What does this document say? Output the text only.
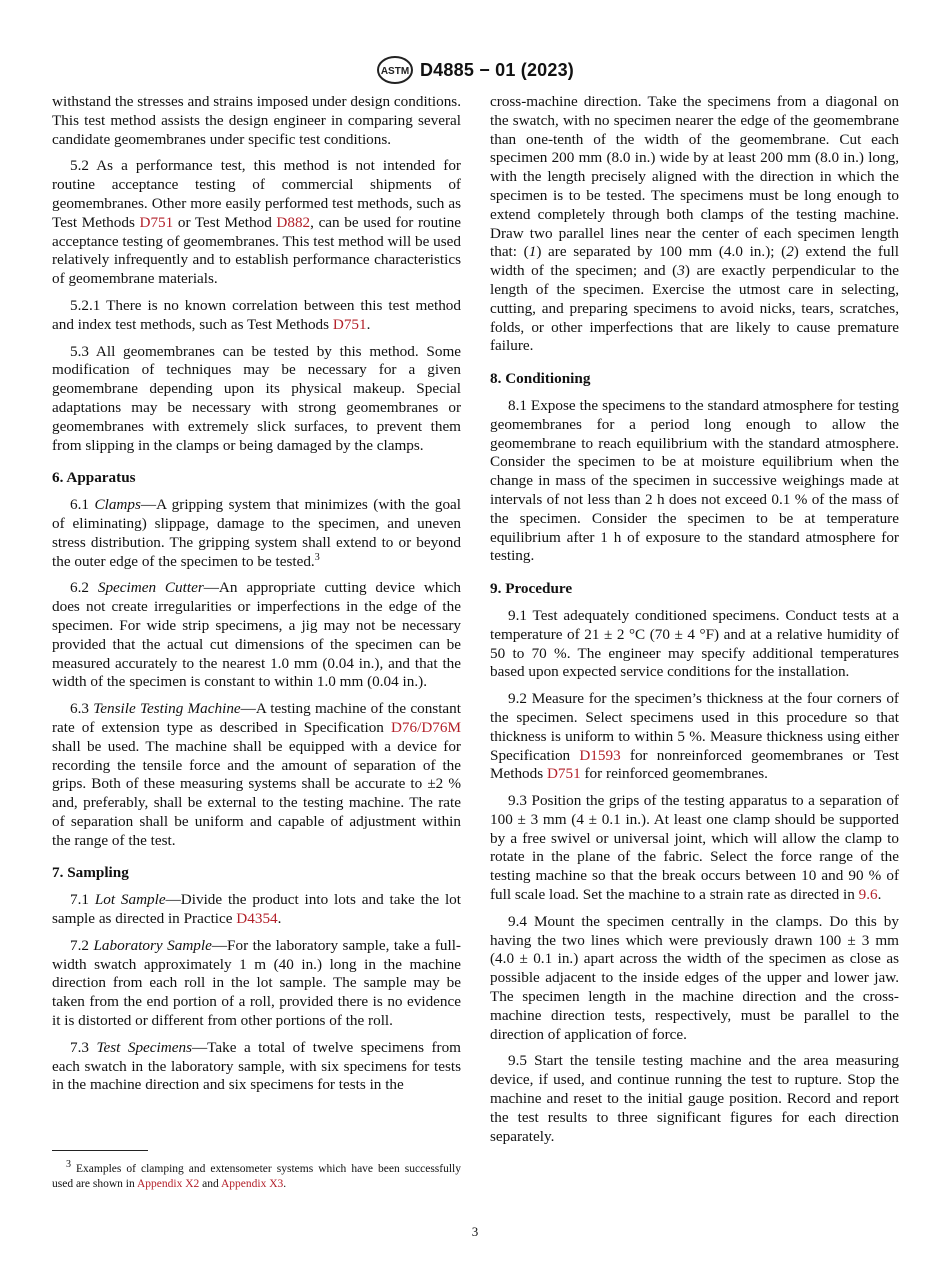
ASTM D4885 − 01 (2023)

withstand the stresses and strains imposed under design conditions. This test method assists the design engineer in comparing several candidate geomembranes under specific test conditions.

5.2 As a performance test, this method is not intended for routine acceptance testing of commercial shipments of geomembranes. Other more easily performed test methods, such as Test Methods D751 or Test Method D882, can be used for routine acceptance testing of geomembranes. This test method will be used relatively infrequently and to establish performance characteristics of geomembrane materials.

5.2.1 There is no known correlation between this test method and index test methods, such as Test Methods D751.

5.3 All geomembranes can be tested by this method. Some modification of techniques may be necessary for a given geomembrane depending upon its physical makeup. Special adaptations may be necessary with strong geomembranes or geomembranes with extremely slick surfaces, to prevent them from slipping in the clamps or being damaged by the clamps.

6. Apparatus

6.1 Clamps—A gripping system that minimizes (with the goal of eliminating) slippage, damage to the specimen, and uneven stress distribution. The gripping system shall extend to or beyond the outer edge of the specimen to be tested.$^3$

6.2 Specimen Cutter—An appropriate cutting device which does not create irregularities or imperfections in the edge of the specimen. For wide strip specimens, a jig may not be necessary provided that the actual cut dimensions of the specimen can be measured accurately to the nearest 1.0 mm (0.04 in.), and that the width of the specimen is constant to within 1.0 mm (0.04 in.).

6.3 Tensile Testing Machine—A testing machine of the constant rate of extension type as described in Specification D76/D76M shall be used. The machine shall be equipped with a device for recording the tensile force and the amount of separation of the grips. Both of these measuring systems shall be accurate to ±2 % and, preferably, shall be external to the testing machine. The rate of separation shall be uniform and capable of adjustment within the range of the test.

7. Sampling

7.1 Lot Sample—Divide the product into lots and take the lot sample as directed in Practice D4354.

7.2 Laboratory Sample—For the laboratory sample, take a full-width swatch approximately 1 m (40 in.) long in the machine direction from each roll in the lot sample. The sample may be taken from the end portion of a roll, provided there is no evidence it is distorted or different from other portions of the roll.

7.3 Test Specimens—Take a total of twelve specimens from each swatch in the laboratory sample, with six specimens for tests in the machine direction and six specimens for tests in the

$^3$ Examples of clamping and extensometer systems which have been successfully used are shown in Appendix X2 and Appendix X3.

cross-machine direction. Take the specimens from a diagonal on the swatch, with no specimen nearer the edge of the geomembrane than one-tenth of the width of the geomembrane. Cut each specimen 200 mm (8.0 in.) wide by at least 200 mm (8.0 in.) long, with the length precisely aligned with the direction in which the specimen is to be tested. The specimens must be long enough to extend completely through both clamps of the testing machine. Draw two parallel lines near the center of each specimen length that: (1) are separated by 100 mm (4.0 in.); (2) extend the full width of the specimen; and (3) are exactly perpendicular to the length of the specimen. Exercise the utmost care in selecting, cutting, and preparing specimens to avoid nicks, tears, scratches, folds, or other imperfections that are likely to cause premature failure.

8. Conditioning

8.1 Expose the specimens to the standard atmosphere for testing geomembranes for a period long enough to allow the geomembrane to reach equilibrium with the standard atmosphere. Consider the specimen to be at moisture equilibrium when the change in mass of the specimen in successive weighings made at intervals of not less than 2 h does not exceed 0.1 % of the mass of the specimen. Consider the specimen to be at temperature equilibrium after 1 h of exposure to the standard atmosphere for testing.

9. Procedure

9.1 Test adequately conditioned specimens. Conduct tests at a temperature of 21 ± 2 °C (70 ± 4 °F) and at a relative humidity of 50 to 70 %. The engineer may specify additional temperatures based upon expected service conditions for the installation.

9.2 Measure for the specimen’s thickness at the four corners of the specimen. Select specimens used in this procedure so that thickness is uniform to within 5 %. Measure thickness using either Specification D1593 for nonreinforced geomembranes or Test Methods D751 for reinforced geomembranes.

9.3 Position the grips of the testing apparatus to a separation of 100 ± 3 mm (4 ± 0.1 in.). At least one clamp should be supported by a free swivel or universal joint, which will allow the clamp to rotate in the plane of the fabric. Select the force range of the testing machine so that the break occurs between 10 and 90 % of full scale load. Set the machine to a strain rate as directed in 9.6.

9.4 Mount the specimen centrally in the clamps. Do this by having the two lines which were previously drawn 100 ± 3 mm (4.0 ± 0.1 in.) apart across the width of the specimen as close as possible adjacent to the inside edges of the upper and lower jaw. The specimen length in the machine direction and the cross-machine direction tests, respectively, must be parallel to the direction of application of force.

9.5 Start the tensile testing machine and the area measuring device, if used, and continue running the test to rupture. Stop the machine and reset to the initial gauge position. Record and report the test results to three significant figures for each direction separately.

3
